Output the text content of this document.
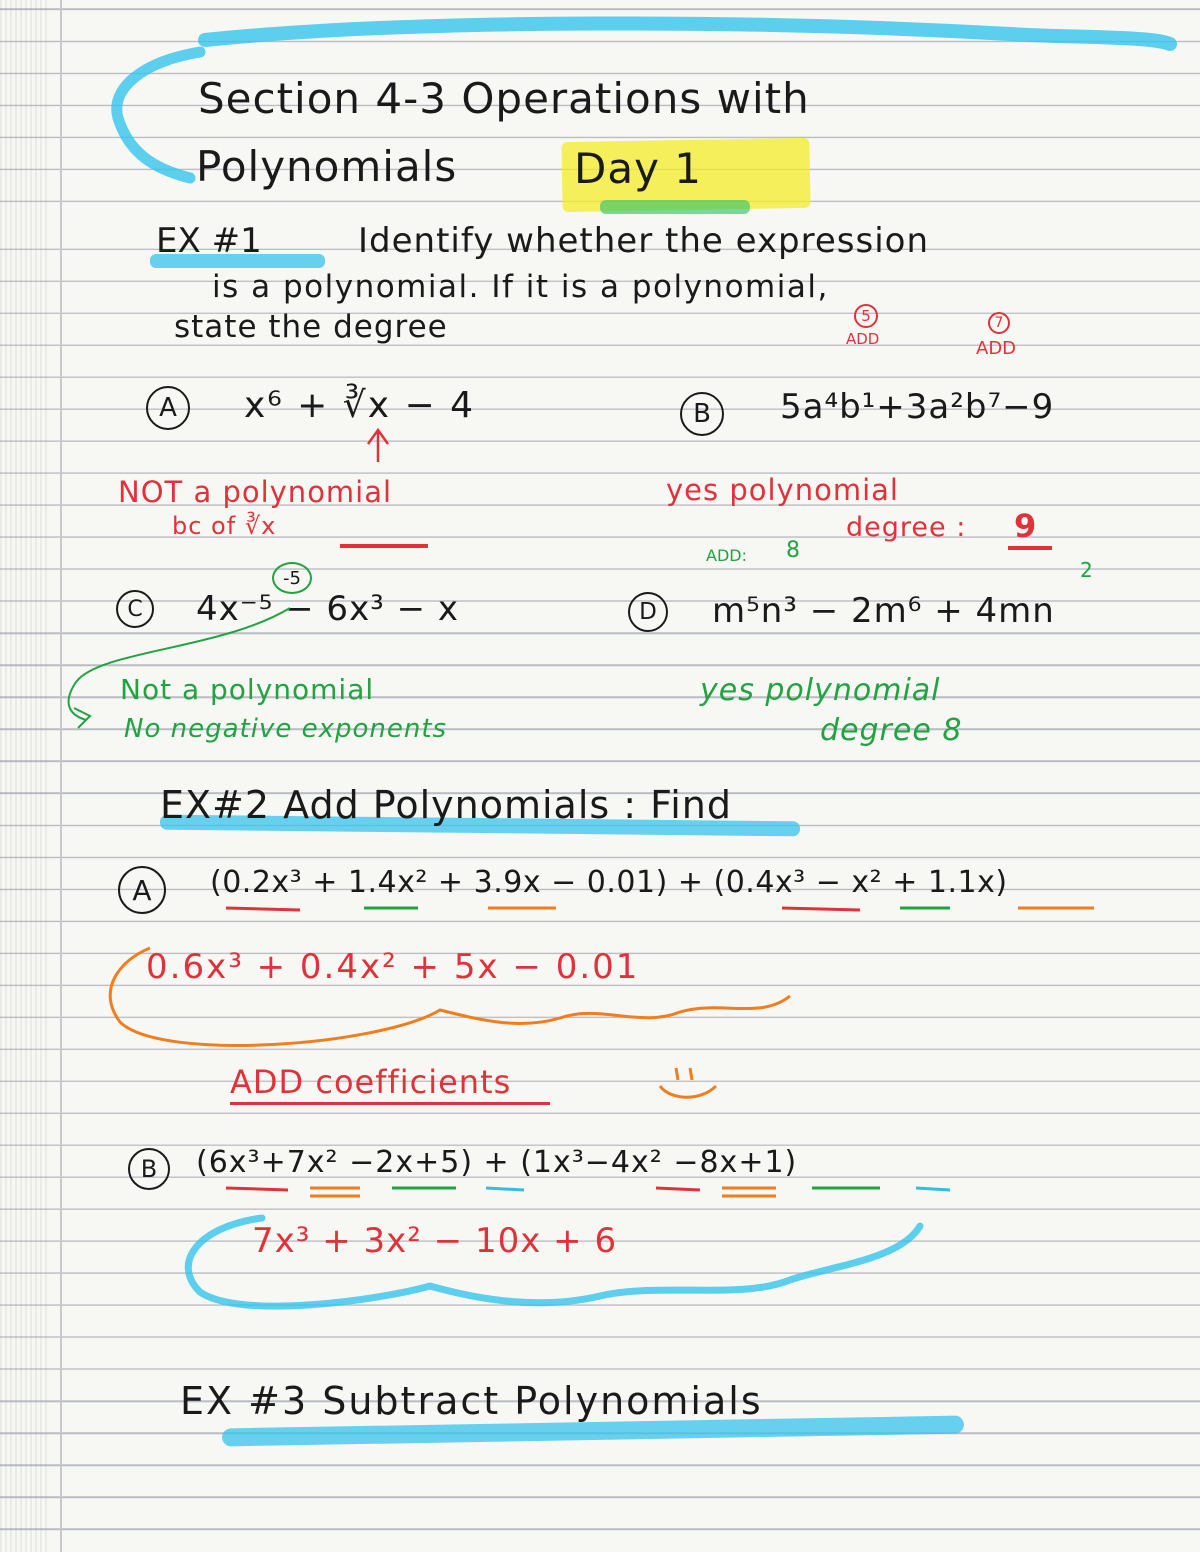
Section 4-3 Operations with
Polynomials	Day 1
EX #1	Identify whether the expression
is a polynomial. If it is a polynomial,
state the degree	5
ADD
7
ADD
A x⁶ + ∛x − 4
NOT a polynomial
bc of ∛x
B 5a⁴b¹+3a²b⁷−9
yes polynomial
degree : 9
C 4x⁻⁵ − 6x³ − x
-5
Not a polynomial
No negative exponents
ADD: 8
2
D m⁵n³ − 2m⁶ + 4mn
yes polynomial
degree 8
EX#2 Add Polynomials : Find
A (0.2x³ + 1.4x² + 3.9x − 0.01) + (0.4x³ − x² + 1.1x)
0.6x³ + 0.4x² + 5x − 0.01
ADD coefficients
B (6x³+7x² −2x+5) + (1x³−4x² −8x+1)
7x³ + 3x² − 10x + 6
EX #3 Subtract Polynomials
